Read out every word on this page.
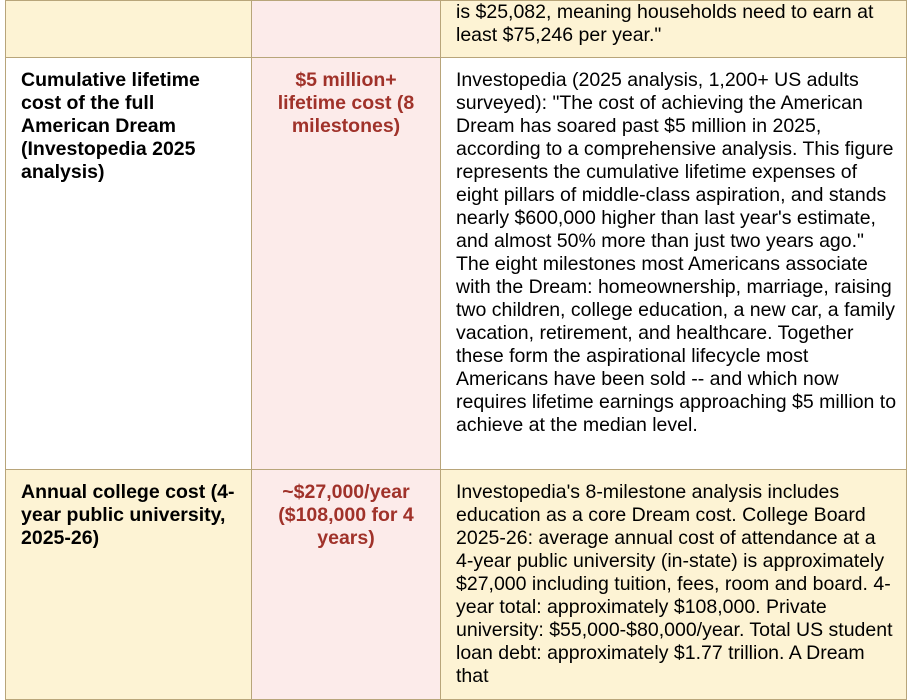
		is $25,082, meaning households need to earn at least $75,246 per year."
Cumulative lifetime cost of the full American Dream (Investopedia 2025 analysis)	$5 million+ lifetime cost (8 milestones)	Investopedia (2025 analysis, 1,200+ US adults surveyed): "The cost of achieving the American Dream has soared past $5 million in 2025, according to a comprehensive analysis. This figure represents the cumulative lifetime expenses of eight pillars of middle-class aspiration, and stands nearly $600,000 higher than last year's estimate, and almost 50% more than just two years ago." The eight milestones most Americans associate with the Dream: homeownership, marriage, raising two children, college education, a new car, a family vacation, retirement, and healthcare. Together these form the aspirational lifecycle most Americans have been sold -- and which now requires lifetime earnings approaching $5 million to achieve at the median level.
Annual college cost (4-year public university, 2025-26)	~$27,000/year ($108,000 for 4 years)	Investopedia's 8-milestone analysis includes education as a core Dream cost. College Board 2025-26: average annual cost of attendance at a 4-year public university (in-state) is approximately $27,000 including tuition, fees, room and board. 4-year total: approximately $108,000. Private university: $55,000-$80,000/year. Total US student loan debt: approximately $1.77 trillion. A Dream that
